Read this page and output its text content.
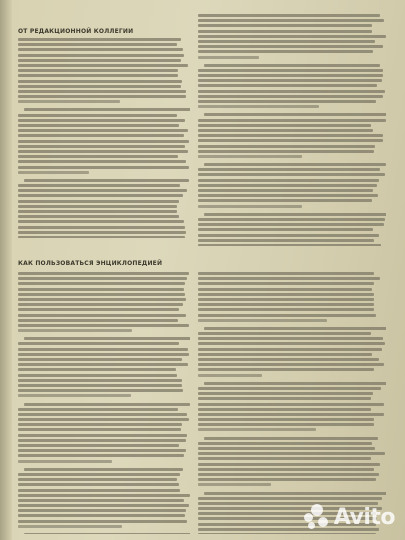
ОТ РЕДАКЦИОННОЙ КОЛЛЕГИИ
КАК ПОЛЬЗОВАТЬСЯ ЭНЦИКЛОПЕДИЕЙ
Avito
